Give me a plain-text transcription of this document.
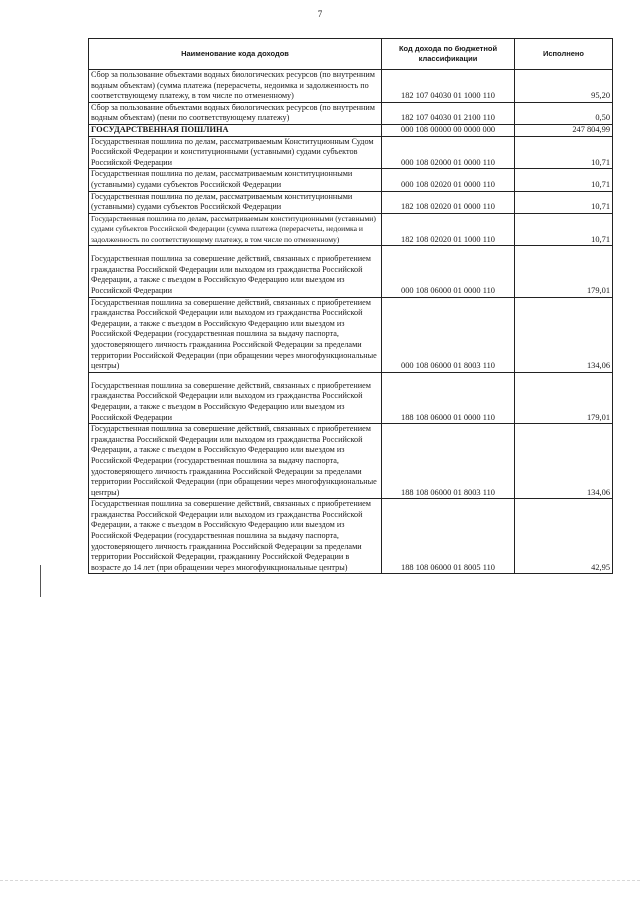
7
Наименование кода доходов	Код дохода по бюджетной классификации	Исполнено
Сбор за пользование объектами водных биологических ресурсов (по внутренним водным объектам) (сумма платежа (перерасчеты, недоимка и задолженность по соответствующему платежу, в том числе по отмененному)	182 107 04030 01 1000 110	95,20
Сбор за пользование объектами водных биологических ресурсов (по внутренним водным объектам) (пени по соответствующему платежу)	182 107 04030 01 2100 110	0,50
ГОСУДАРСТВЕННАЯ ПОШЛИНА	000 108 00000 00 0000 000	247 804,99
Государственная пошлина по делам, рассматриваемым Конституционным Судом Российской Федерации и конституционными (уставными) судами субъектов Российской Федерации	000 108 02000 01 0000 110	10,71
Государственная пошлина по делам, рассматриваемым конституционными (уставными) судами субъектов Российской Федерации	000 108 02020 01 0000 110	10,71
Государственная пошлина по делам, рассматриваемым конституционными (уставными) судами субъектов Российской Федерации	182 108 02020 01 0000 110	10,71
Государственная пошлина по делам, рассматриваемым конституционными (уставными) судами субъектов Российской Федерации (сумма платежа (перерасчеты, недоимка и задолженность по соответствующему платежу, в том числе по отмененному)	182 108 02020 01 1000 110	10,71

Государственная пошлина за совершение действий, связанных с приобретением гражданства Российской Федерации или выходом из гражданства Российской Федерации, а также с въездом в Российскую Федерацию или выездом из Российской Федерации	000 108 06000 01 0000 110	179,01
Государственная пошлина за совершение действий, связанных с приобретением гражданства Российской Федерации или выходом из гражданства Российской Федерации, а также с въездом в Российскую Федерацию или выездом из Российской Федерации (государственная пошлина за выдачу паспорта, удостоверяющего личность гражданина Российской Федерации за пределами территории Российской Федерации (при обращении через многофункциональные центры)	000 108 06000 01 8003 110	134,06

Государственная пошлина за совершение действий, связанных с приобретением гражданства Российской Федерации или выходом из гражданства Российской Федерации, а также с въездом в Российскую Федерацию или выездом из Российской Федерации	188 108 06000 01 0000 110	179,01
Государственная пошлина за совершение действий, связанных с приобретением гражданства Российской Федерации или выходом из гражданства Российской Федерации, а также с въездом в Российскую Федерацию или выездом из Российской Федерации (государственная пошлина за выдачу паспорта, удостоверяющего личность гражданина Российской Федерации за пределами территории Российской Федерации (при обращении через многофункциональные центры)	188 108 06000 01 8003 110	134,06
Государственная пошлина за совершение действий, связанных с приобретением гражданства Российской Федерации или выходом из гражданства Российской Федерации, а также с въездом в Российскую Федерацию или выездом из Российской Федерации (государственная пошлина за выдачу паспорта, удостоверяющего личность гражданина Российской Федерации за пределами территории Российской Федерации, гражданину Российской Федерации в возрасте до 14 лет (при обращении через многофункциональные центры)	188 108 06000 01 8005 110	42,95
